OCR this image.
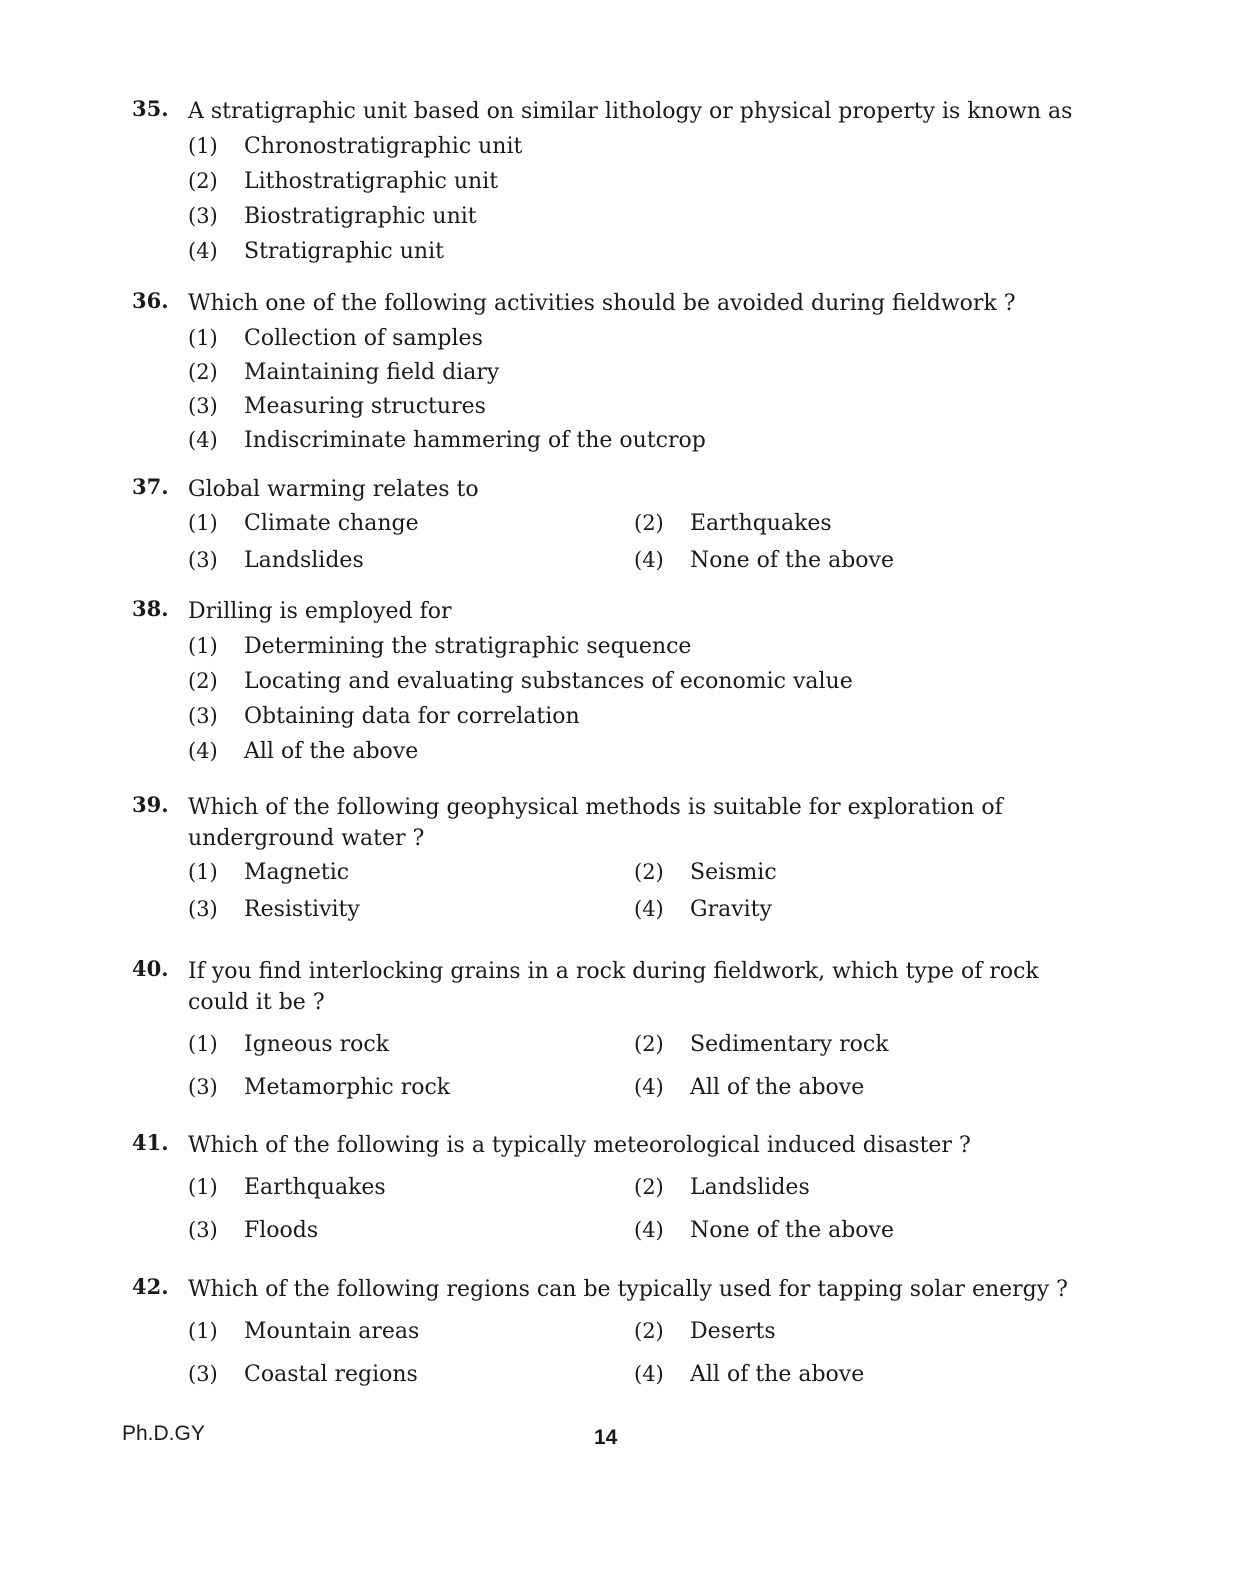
35. A stratigraphic unit based on similar lithology or physical property is known as
(1) Chronostratigraphic unit
(2) Lithostratigraphic unit
(3) Biostratigraphic unit
(4) Stratigraphic unit
36. Which one of the following activities should be avoided during fieldwork ?
(1) Collection of samples
(2) Maintaining field diary
(3) Measuring structures
(4) Indiscriminate hammering of the outcrop
37. Global warming relates to
(1) Climate change	(2) Earthquakes
(3) Landslides	(4) None of the above
38. Drilling is employed for
(1) Determining the stratigraphic sequence
(2) Locating and evaluating substances of economic value
(3) Obtaining data for correlation
(4) All of the above
39. Which of the following geophysical methods is suitable for exploration of underground water ?
(1) Magnetic	(2) Seismic
(3) Resistivity	(4) Gravity
40. If you find interlocking grains in a rock during fieldwork, which type of rock could it be ?
(1) Igneous rock	(2) Sedimentary rock
(3) Metamorphic rock	(4) All of the above
41. Which of the following is a typically meteorological induced disaster ?
(1) Earthquakes	(2) Landslides
(3) Floods	(4) None of the above
42. Which of the following regions can be typically used for tapping solar energy ?
(1) Mountain areas	(2) Deserts
(3) Coastal regions	(4) All of the above
Ph.D.GY	14
